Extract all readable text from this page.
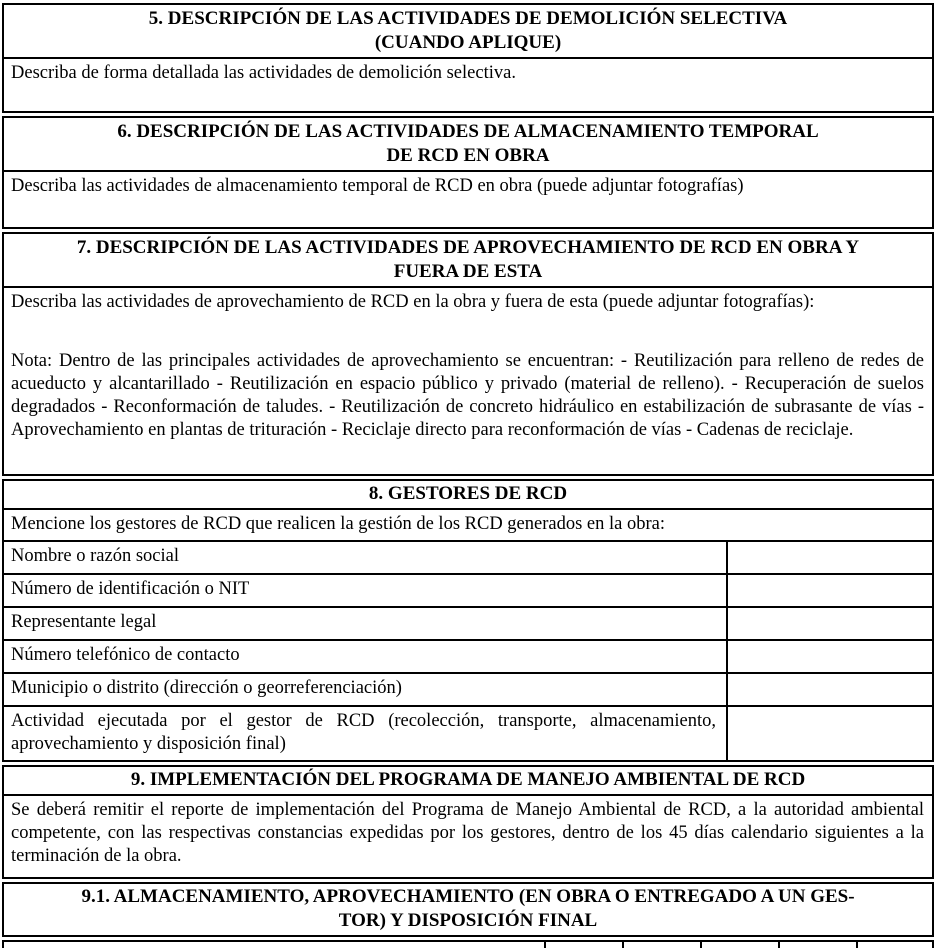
5. DESCRIPCIÓN DE LAS ACTIVIDADES DE DEMOLICIÓN SELECTIVA
(CUANDO APLIQUE)
Describa de forma detallada las actividades de demolición selectiva.
6. DESCRIPCIÓN DE LAS ACTIVIDADES DE ALMACENAMIENTO TEMPORAL
DE RCD EN OBRA
Describa las actividades de almacenamiento temporal de RCD en obra (puede adjuntar fotografías)
7. DESCRIPCIÓN DE LAS ACTIVIDADES DE APROVECHAMIENTO DE RCD EN OBRA Y
FUERA DE ESTA
Describa las actividades de aprovechamiento de RCD en la obra y fuera de esta (puede adjuntar fotografías):
Nota: Dentro de las principales actividades de aprovechamiento se encuentran: - Reutilización para relleno de redes de acueducto y alcantarillado - Reutilización en espacio público y privado (material de relleno). - Recuperación de suelos degradados - Reconformación de taludes. - Reutilización de concreto hidráulico en estabilización de subrasante de vías - Aprovechamiento en plantas de trituración - Reciclaje directo para reconformación de vías - Cadenas de reciclaje.
8. GESTORES DE RCD
Mencione los gestores de RCD que realicen la gestión de los RCD generados en la obra:
Nombre o razón social
Número de identificación o NIT
Representante legal
Número telefónico de contacto
Municipio o distrito (dirección o georreferenciación)
Actividad ejecutada por el gestor de RCD (recolección, transporte, almacenamiento, aprovechamiento y disposición final)
9. IMPLEMENTACIÓN DEL PROGRAMA DE MANEJO AMBIENTAL DE RCD
Se deberá remitir el reporte de implementación del Programa de Manejo Ambiental de RCD, a la autoridad ambiental competente, con las respectivas constancias expedidas por los gestores, dentro de los 45 días calendario siguientes a la terminación de la obra.
9.1. ALMACENAMIENTO, APROVECHAMIENTO (EN OBRA O ENTREGADO A UN GES-
TOR) Y DISPOSICIÓN FINAL
